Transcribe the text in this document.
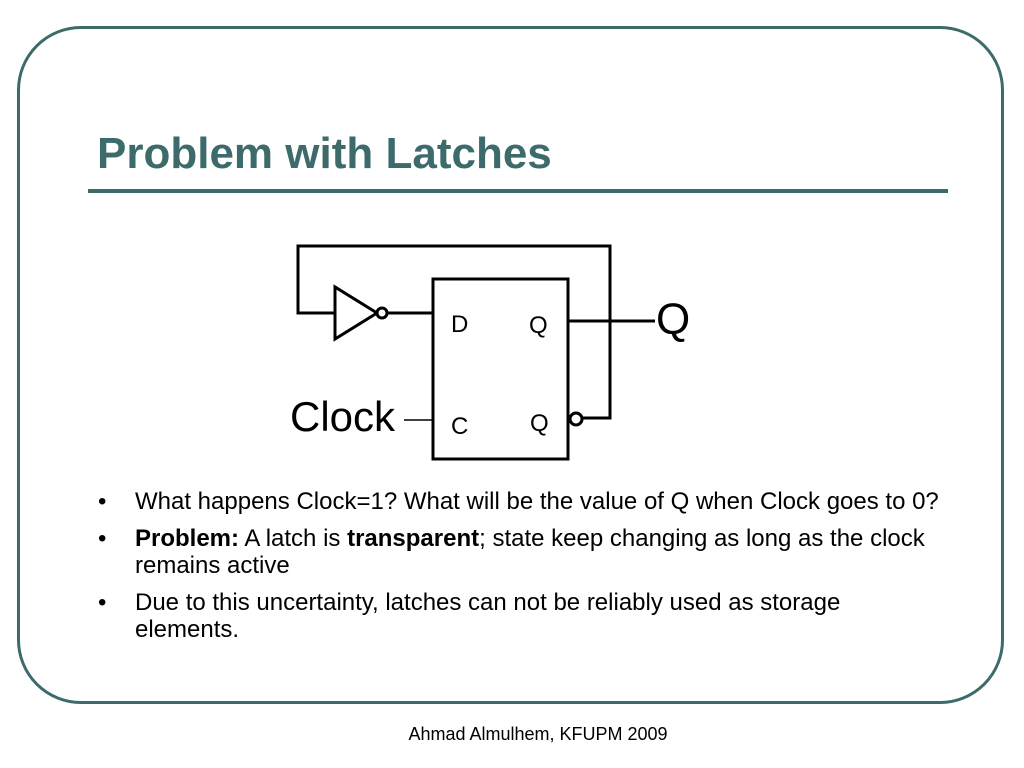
Problem with Latches
D
C
Q
Q
Q
Clock
• What happens Clock=1? What will be the value of Q when Clock goes to 0?
• Problem: A latch is transparent; state keep changing as long as the clock remains active
• Due to this uncertainty, latches can not be reliably used as storage elements.
Ahmad Almulhem, KFUPM 2009
